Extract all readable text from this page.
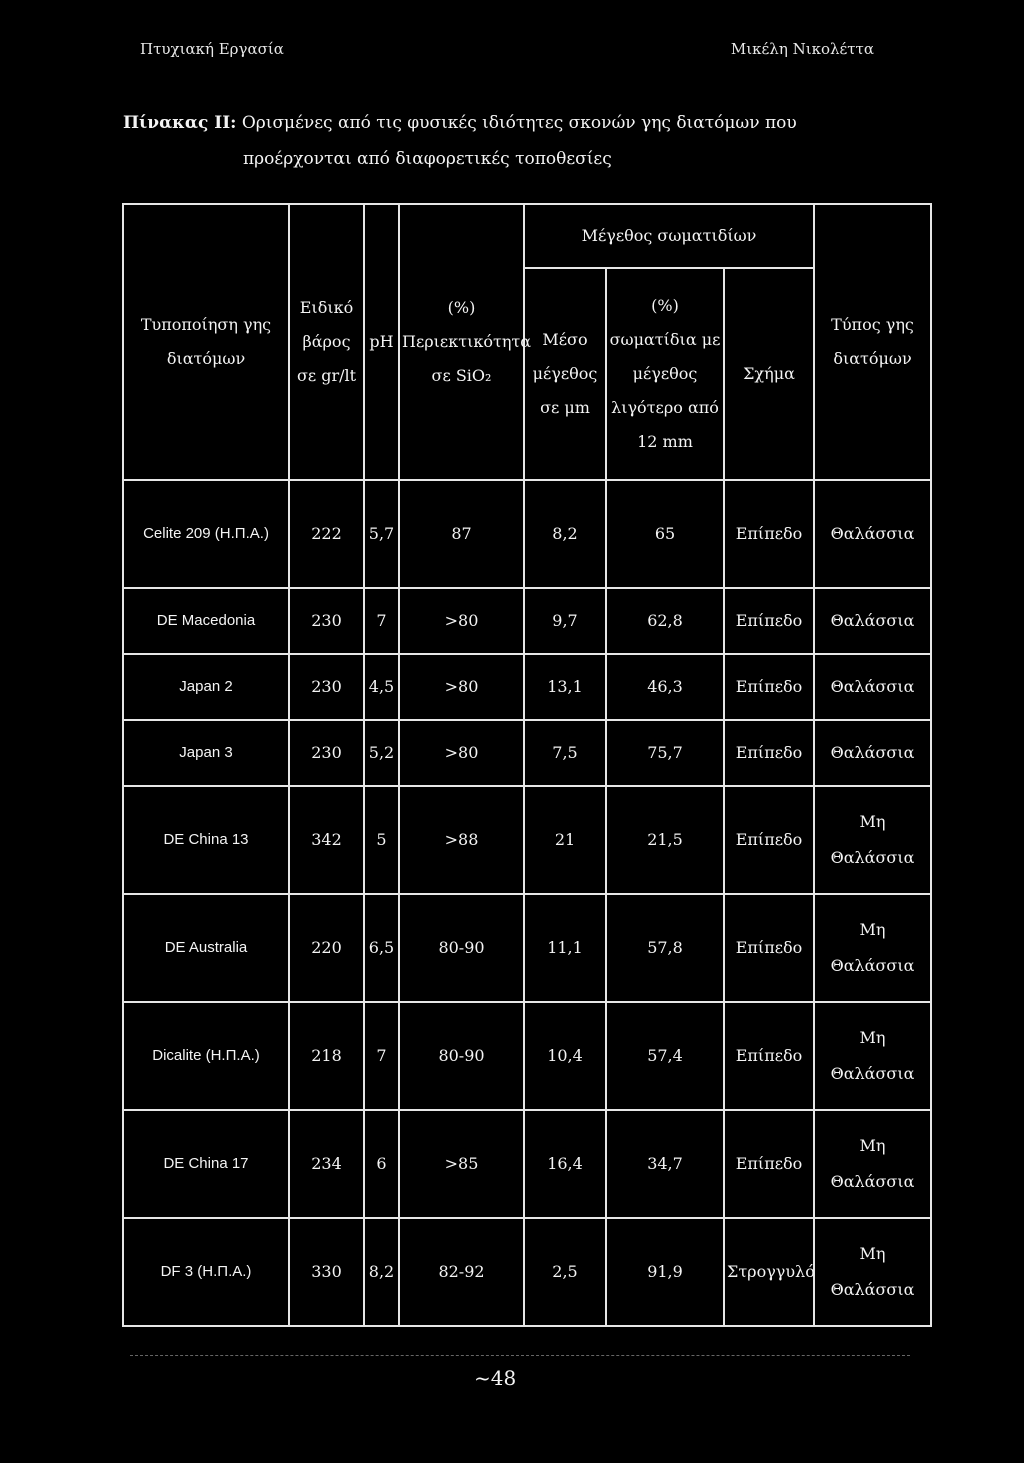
Πτυχιακή Εργασία	Μικέλη Νικολέττα
Πίνακας ΙΙ: Ορισμένες από τις φυσικές ιδιότητες σκονών γης διατόμων που
προέρχονται από διαφορετικές τοποθεσίες
Τυποποίηση γης διατόμων	Ειδικό βάρος σε gr/lt	pH	(%) Περιεκτικότητα σε SiO₂	Μέγεθος σωματιδίων			Τύπος γης διατόμων
				Μέσο μέγεθος σε μm	(%) σωματίδια με μέγεθος λιγότερο από 12 mm	Σχήμα	
Celite 209 (Η.Π.Α.)	222	5,7	87	8,2	65	Επίπεδο	Θαλάσσια
DE Macedonia	230	7	>80	9,7	62,8	Επίπεδο	Θαλάσσια
Japan 2	230	4,5	>80	13,1	46,3	Επίπεδο	Θαλάσσια
Japan 3	230	5,2	>80	7,5	75,7	Επίπεδο	Θαλάσσια
DE China 13	342	5	>88	21	21,5	Επίπεδο	Μη Θαλάσσια
DE Australia	220	6,5	80-90	11,1	57,8	Επίπεδο	Μη Θαλάσσια
Dicalite (Η.Π.Α.)	218	7	80-90	10,4	57,4	Επίπεδο	Μη Θαλάσσια
DE China 17	234	6	>85	16,4	34,7	Επίπεδο	Μη Θαλάσσια
DF 3 (Η.Π.Α.)	330	8,2	82-92	2,5	91,9	Στρογγυλό	Μη Θαλάσσια
~48
